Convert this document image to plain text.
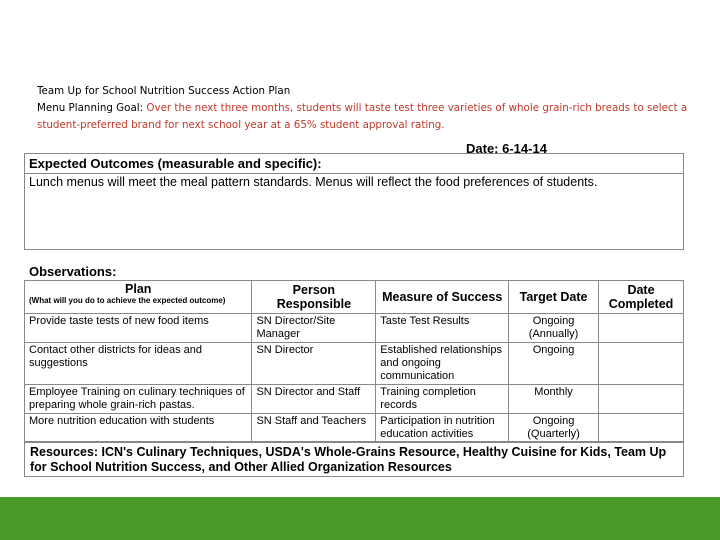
Team Up for School Nutrition Success Action Plan
Menu Planning Goal: Over the next three months, students will taste test three varieties of whole grain-rich breads to select a student-preferred brand for next school year at a 65% student approval rating.
Date: 6-14-14
Expected Outcomes (measurable and specific):
Lunch menus will meet the meal pattern standards. Menus will reflect the food preferences of students.
Observations:
Plan
(What will you do to achieve the expected outcome)	Person Responsible	Measure of Success	Target Date	Date Completed
Provide taste tests of new food items	SN Director/Site Manager	Taste Test Results	Ongoing (Annually)	
Contact other districts for ideas and suggestions	SN Director	Established relationships and ongoing communication	Ongoing	
Employee Training on culinary techniques of preparing whole grain-rich pastas.	SN Director and Staff	Training completion records	Monthly	
More nutrition education with students	SN Staff and Teachers	Participation in nutrition education activities	Ongoing (Quarterly)	
Resources: ICN's Culinary Techniques, USDA's Whole-Grains Resource, Healthy Cuisine for Kids, Team Up for School Nutrition Success, and Other Allied Organization Resources
